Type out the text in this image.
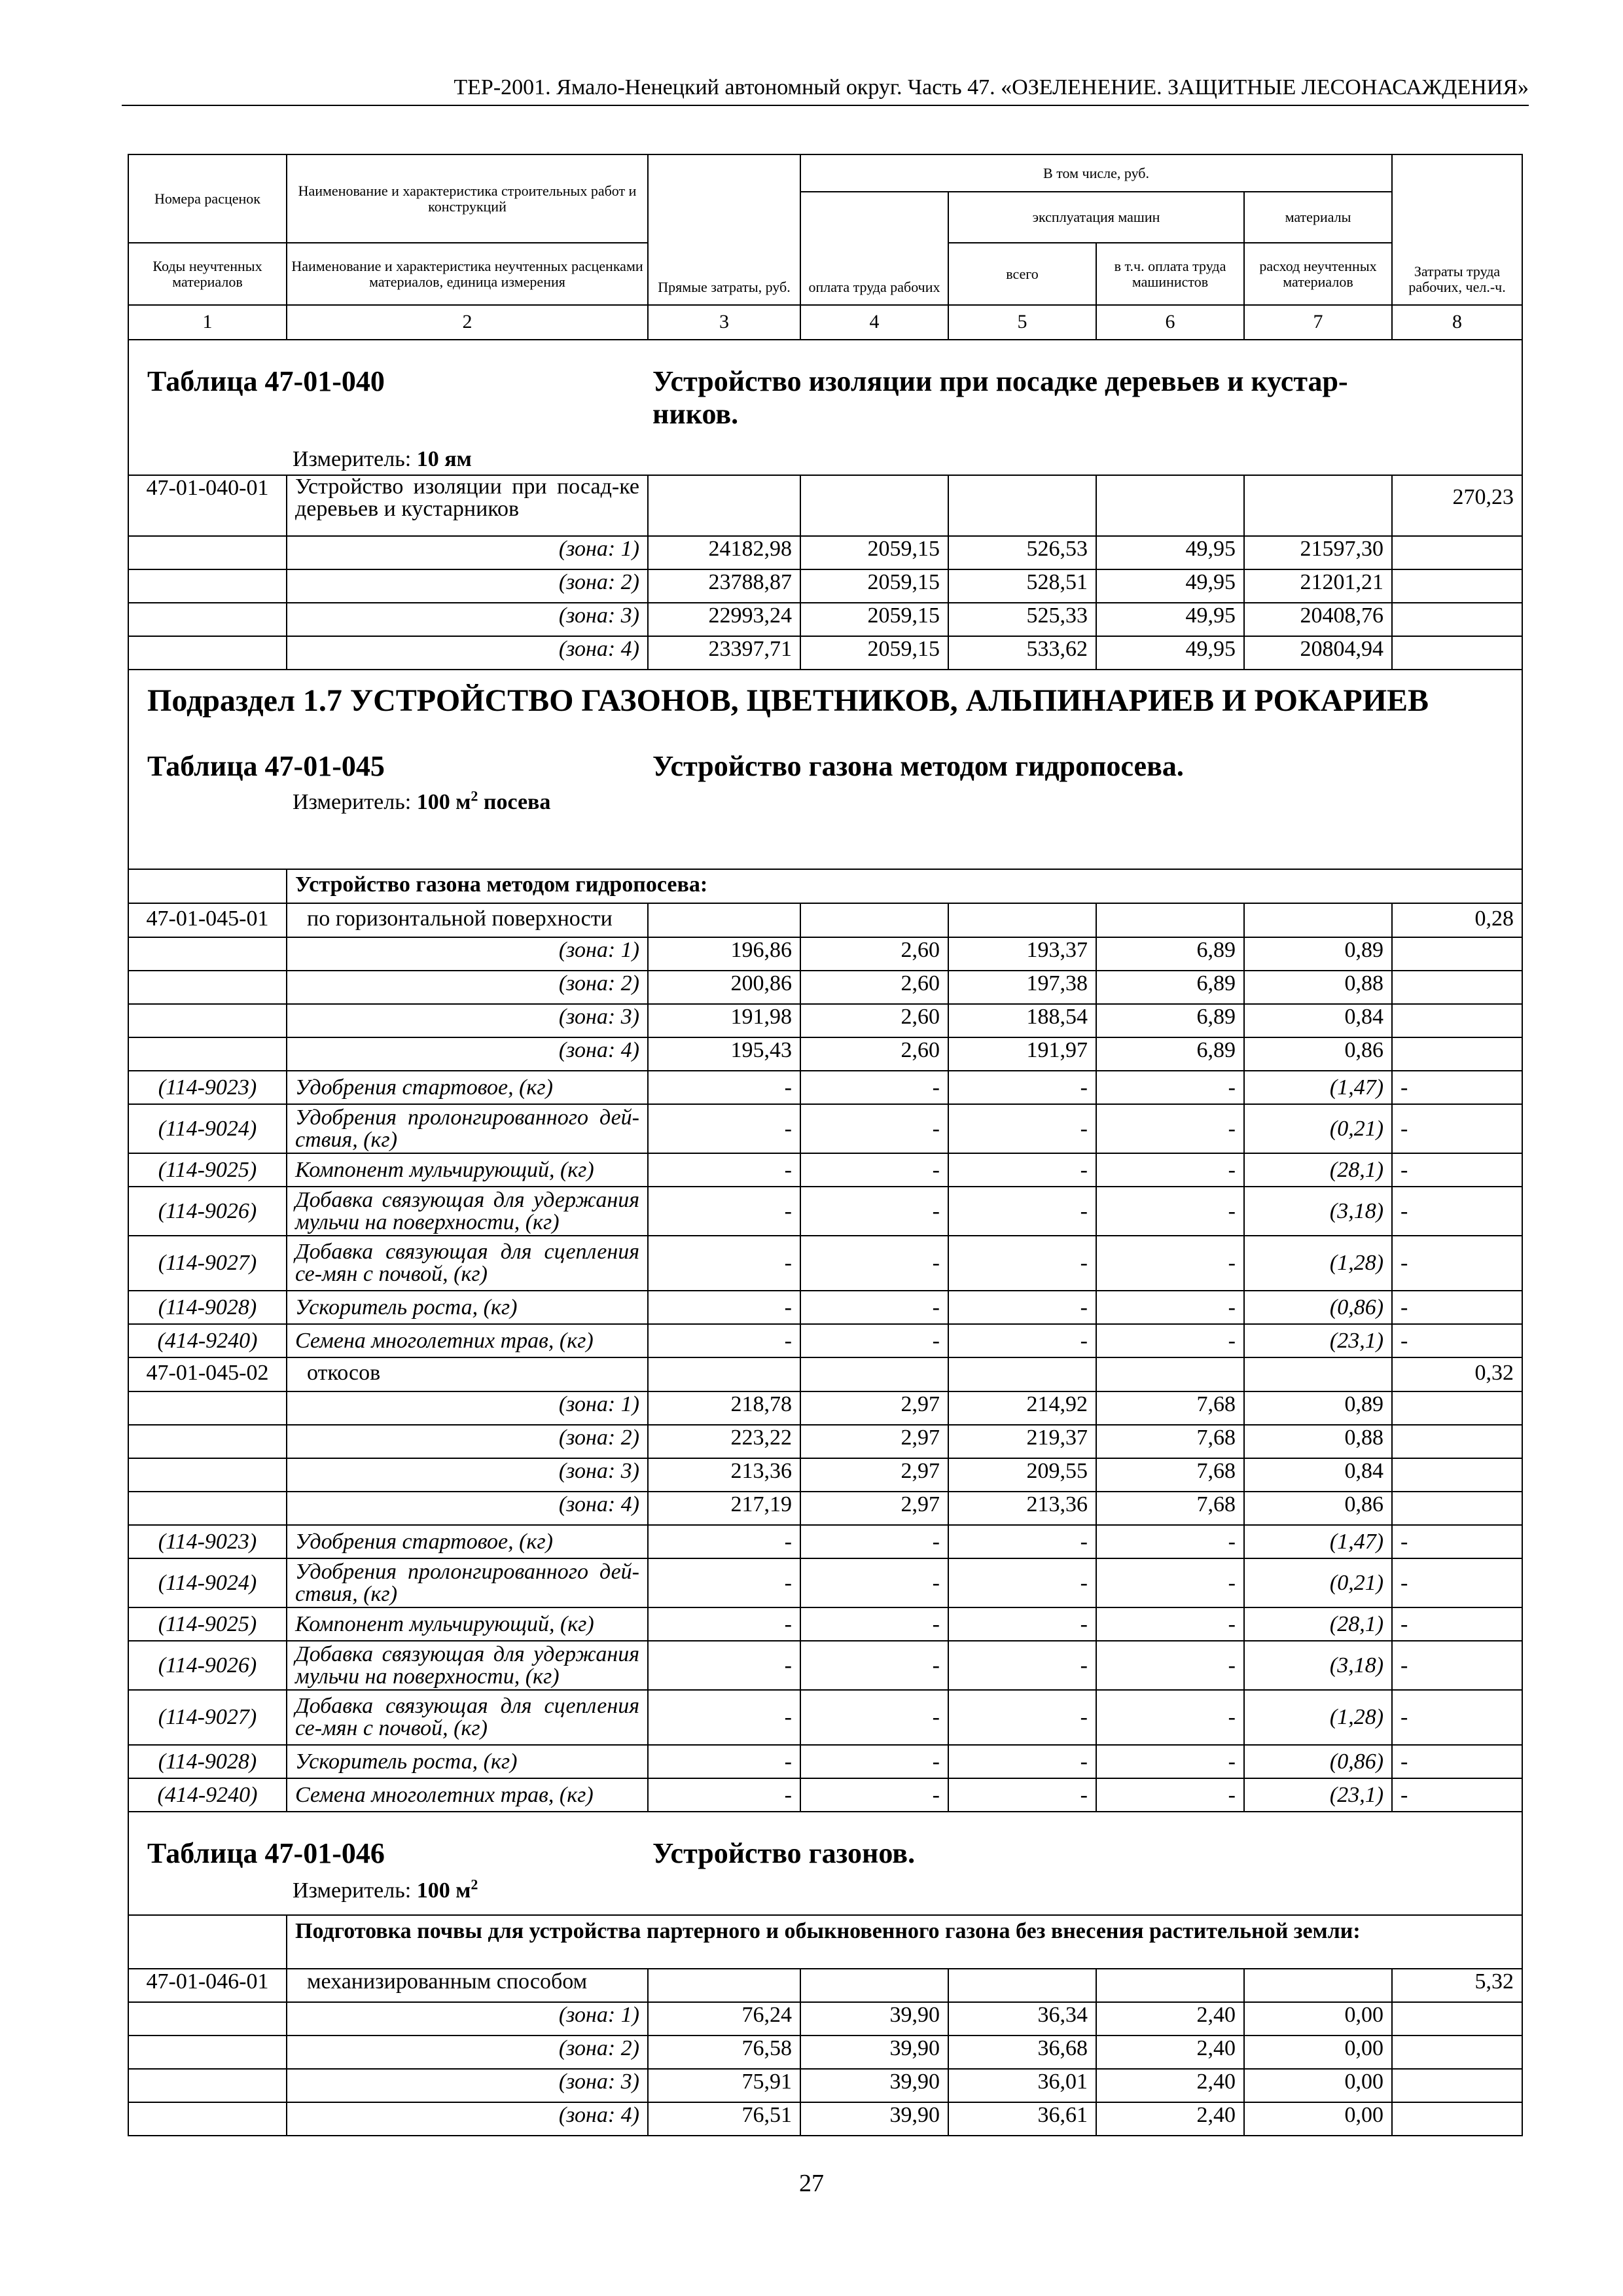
ТЕР-2001. Ямало-Ненецкий автономный округ. Часть 47. «ОЗЕЛЕНЕНИЕ. ЗАЩИТНЫЕ ЛЕСОНАСАЖДЕНИЯ»
Номера расценок	Наименование и характеристика строительных работ и конструкций	Прямые затраты, руб.	В том числе, руб.				Затраты труда рабочих, чел.-ч.
			оплата труда рабочих	эксплуатация машин		материалы	
Коды неучтенных материалов	Наименование и характеристика неучтенных расценками материалов, единица измерения			всего	в т.ч. оплата труда машинистов	расход неучтенных материалов	
1	2	3	4	5	6	7	8

Таблица 47-01-040 Устройство изоляции при посадке деревьев и кустар-ников.
Измеритель: 10 ям							

47-01-040-01	Устройство изоляции при посад-ке деревьев и кустарников						270,23
	(зона: 1)	24182,98	2059,15	526,53	49,95	21597,30	
	(зона: 2)	23788,87	2059,15	528,51	49,95	21201,21	
	(зона: 3)	22993,24	2059,15	525,33	49,95	20408,76	
	(зона: 4)	23397,71	2059,15	533,62	49,95	20804,94	

Подраздел 1.7 УСТРОЙСТВО ГАЗОНОВ, ЦВЕТНИКОВ, АЛЬПИНАРИЕВ И РОКАРИЕВ
Таблица 47-01-045 Устройство газона методом гидропосева.
Измеритель: 100 $м^2$ посева							

	Устройство газона методом гидропосева:						
47-01-045-01	по горизонтальной поверхности						0,28
	(зона: 1)	196,86	2,60	193,37	6,89	0,89	
	(зона: 2)	200,86	2,60	197,38	6,89	0,88	
	(зона: 3)	191,98	2,60	188,54	6,89	0,84	
	(зона: 4)	195,43	2,60	191,97	6,89	0,86	
(114-9023)	Удобрения стартовое, (кг)	-	-	-	-	(1,47)	-
(114-9024)	Удобрения пролонгированного дей-ствия, (кг)	-	-	-	-	(0,21)	-
(114-9025)	Компонент мульчирующий, (кг)	-	-	-	-	(28,1)	-
(114-9026)	Добавка связующая для удержания мульчи на поверхности, (кг)	-	-	-	-	(3,18)	-
(114-9027)	Добавка связующая для сцепления се-мян с почвой, (кг)	-	-	-	-	(1,28)	-
(114-9028)	Ускоритель роста, (кг)	-	-	-	-	(0,86)	-
(414-9240)	Семена многолетних трав, (кг)	-	-	-	-	(23,1)	-
47-01-045-02	откосов						0,32
	(зона: 1)	218,78	2,97	214,92	7,68	0,89	
	(зона: 2)	223,22	2,97	219,37	7,68	0,88	
	(зона: 3)	213,36	2,97	209,55	7,68	0,84	
	(зона: 4)	217,19	2,97	213,36	7,68	0,86	
(114-9023)	Удобрения стартовое, (кг)	-	-	-	-	(1,47)	-
(114-9024)	Удобрения пролонгированного дей-ствия, (кг)	-	-	-	-	(0,21)	-
(114-9025)	Компонент мульчирующий, (кг)	-	-	-	-	(28,1)	-
(114-9026)	Добавка связующая для удержания мульчи на поверхности, (кг)	-	-	-	-	(3,18)	-
(114-9027)	Добавка связующая для сцепления се-мян с почвой, (кг)	-	-	-	-	(1,28)	-
(114-9028)	Ускоритель роста, (кг)	-	-	-	-	(0,86)	-
(414-9240)	Семена многолетних трав, (кг)	-	-	-	-	(23,1)	-

Таблица 47-01-046 Устройство газонов.
Измеритель: 100 $м^2$

	Подготовка почвы для устройства партерного и обыкновенного газона без внесения растительной земли:						
47-01-046-01	механизированным способом						5,32
	(зона: 1)	76,24	39,90	36,34	2,40	0,00	
	(зона: 2)	76,58	39,90	36,68	2,40	0,00	
	(зона: 3)	75,91	39,90	36,01	2,40	0,00	
	(зона: 4)	76,51	39,90	36,61	2,40	0,00	
27
